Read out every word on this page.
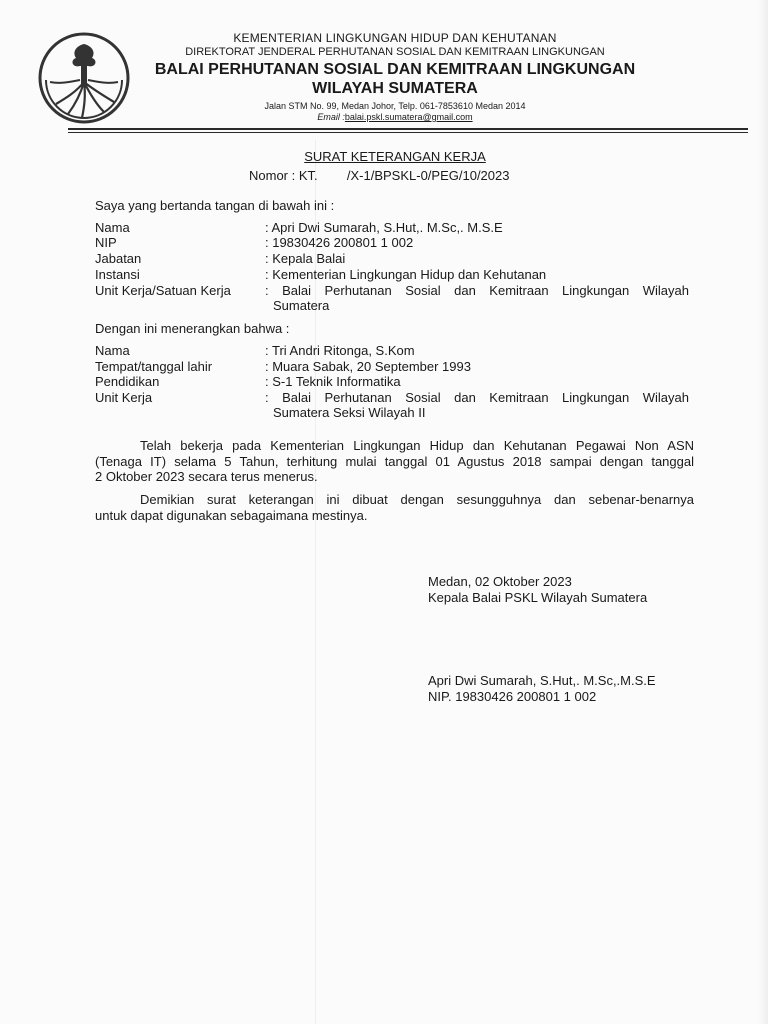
KEMENTERIAN LINGKUNGAN HIDUP DAN KEHUTANAN
DIREKTORAT JENDERAL PERHUTANAN SOSIAL DAN KEMITRAAN LINGKUNGAN
BALAI PERHUTANAN SOSIAL DAN KEMITRAAN LINGKUNGAN
WILAYAH SUMATERA
Jalan STM No. 99, Medan Johor, Telp. 061-7853610 Medan 2014
Email :balai.pskl.sumatera@gmail.com
SURAT KETERANGAN KERJA
Nomor : KT. /X-1/BPSKL-0/PEG/10/2023
Saya yang bertanda tangan di bawah ini :
Nama	: Apri Dwi Sumarah, S.Hut,. M.Sc,. M.S.E
NIP	: 19830426 200801 1 002
Jabatan	: Kepala Balai
Instansi	: Kementerian Lingkungan Hidup dan Kehutanan
Unit Kerja/Satuan Kerja	: Balai Perhutanan Sosial dan Kemitraan Lingkungan Wilayah
Sumatera
Dengan ini menerangkan bahwa :
Nama	: Tri Andri Ritonga, S.Kom
Tempat/tanggal lahir	: Muara Sabak, 20 September 1993
Pendidikan	: S-1 Teknik Informatika
Unit Kerja	: Balai Perhutanan Sosial dan Kemitraan Lingkungan Wilayah
Sumatera Seksi Wilayah II
Telah bekerja pada Kementerian Lingkungan Hidup dan Kehutanan Pegawai Non ASN
(Tenaga IT) selama 5 Tahun, terhitung mulai tanggal 01 Agustus 2018 sampai dengan tanggal
2 Oktober 2023 secara terus menerus.
Demikian surat keterangan ini dibuat dengan sesungguhnya dan sebenar-benarnya
untuk dapat digunakan sebagaimana mestinya.
Medan, 02 Oktober 2023
Kepala Balai PSKL Wilayah Sumatera
Apri Dwi Sumarah, S.Hut,. M.Sc,.M.S.E
NIP. 19830426 200801 1 002
